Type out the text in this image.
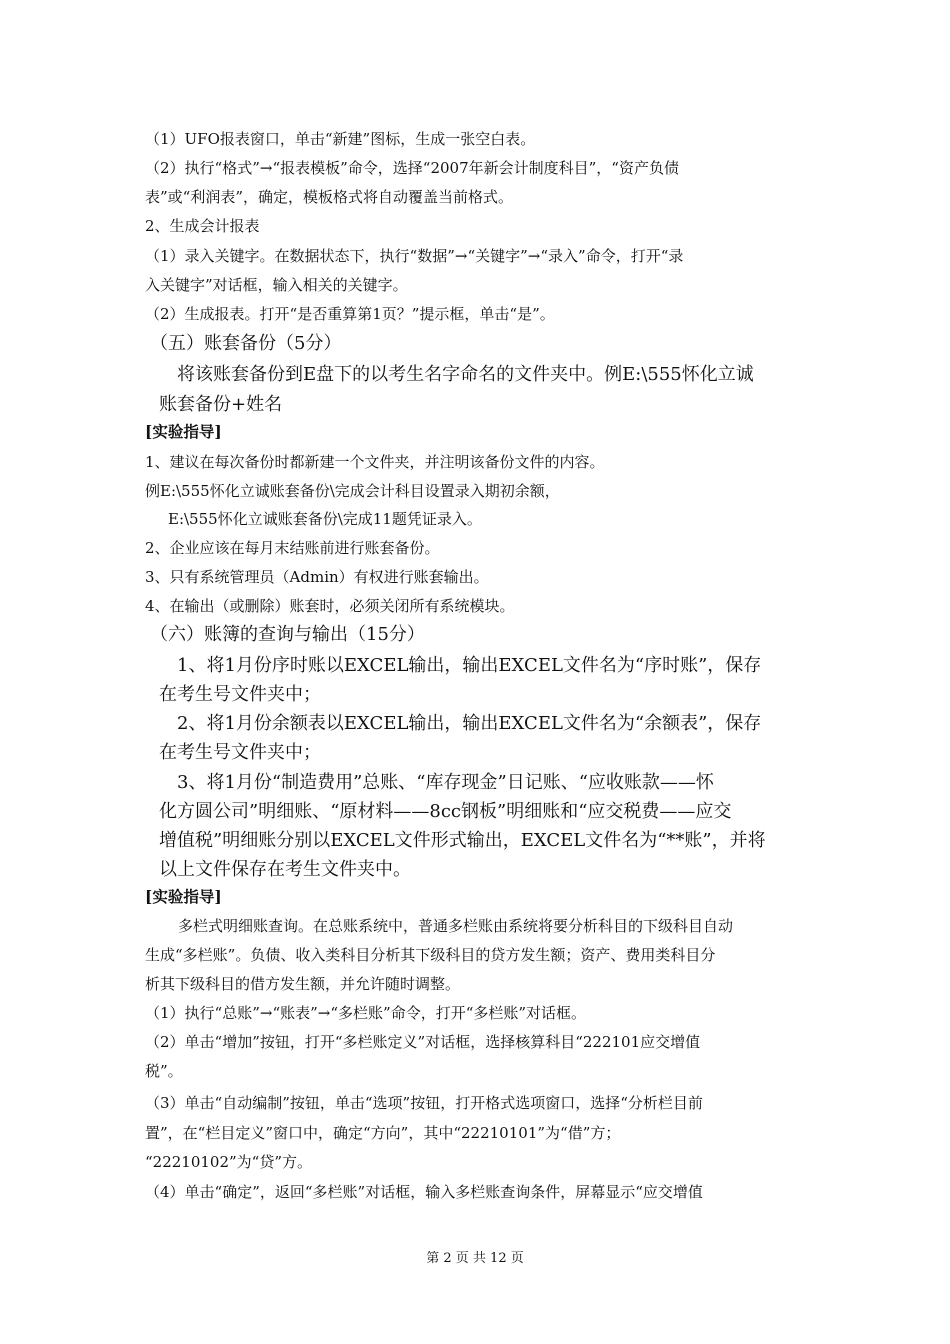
（1）UFO报表窗口，单击“新建”图标，生成一张空白表。
（2）执行“格式”→“报表模板”命令，选择“2007年新会计制度科目”，“资产负债
表”或“利润表”，确定，模板格式将自动覆盖当前格式。
2、生成会计报表
（1）录入关键字。在数据状态下，执行“数据”→“关键字”→“录入”命令，打开“录
入关键字”对话框，输入相关的关键字。
（2）生成报表。打开“是否重算第1页？”提示框，单击“是”。
（五）账套备份（5分）
将该账套备份到E盘下的以考生名字命名的文件夹中。例E:\555怀化立诚
账套备份+姓名
[实验指导]
1、建议在每次备份时都新建一个文件夹，并注明该备份文件的内容。
例E:\555怀化立诚账套备份\完成会计科目设置录入期初余额，
E:\555怀化立诚账套备份\完成11题凭证录入。
2、企业应该在每月末结账前进行账套备份。
3、只有系统管理员（Admin）有权进行账套输出。
4、在输出（或删除）账套时，必须关闭所有系统模块。
（六）账簿的查询与输出（15分）
1、将1月份序时账以EXCEL输出，输出EXCEL文件名为“序时账”，保存
在考生号文件夹中；
2、将1月份余额表以EXCEL输出，输出EXCEL文件名为“余额表”，保存
在考生号文件夹中；
3、将1月份“制造费用”总账、“库存现金”日记账、“应收账款——怀
化方圆公司”明细账、“原材料——8cc钢板”明细账和“应交税费——应交
增值税”明细账分别以EXCEL文件形式输出，EXCEL文件名为“**账”，并将
以上文件保存在考生文件夹中。
[实验指导]
多栏式明细账查询。在总账系统中，普通多栏账由系统将要分析科目的下级科目自动
生成“多栏账”。负债、收入类科目分析其下级科目的贷方发生额；资产、费用类科目分
析其下级科目的借方发生额，并允许随时调整。
（1）执行“总账”→“账表”→“多栏账”命令，打开“多栏账”对话框。
（2）单击“增加”按钮，打开“多栏账定义”对话框，选择核算科目“222101应交增值
税”。
（3）单击“自动编制”按钮，单击“选项”按钮，打开格式选项窗口，选择“分析栏目前
置”，在“栏目定义”窗口中，确定“方向”，其中“22210101”为“借”方；
“22210102”为“贷”方。
（4）单击“确定”，返回“多栏账”对话框，输入多栏账查询条件，屏幕显示“应交增值
第 2 页 共 12 页
